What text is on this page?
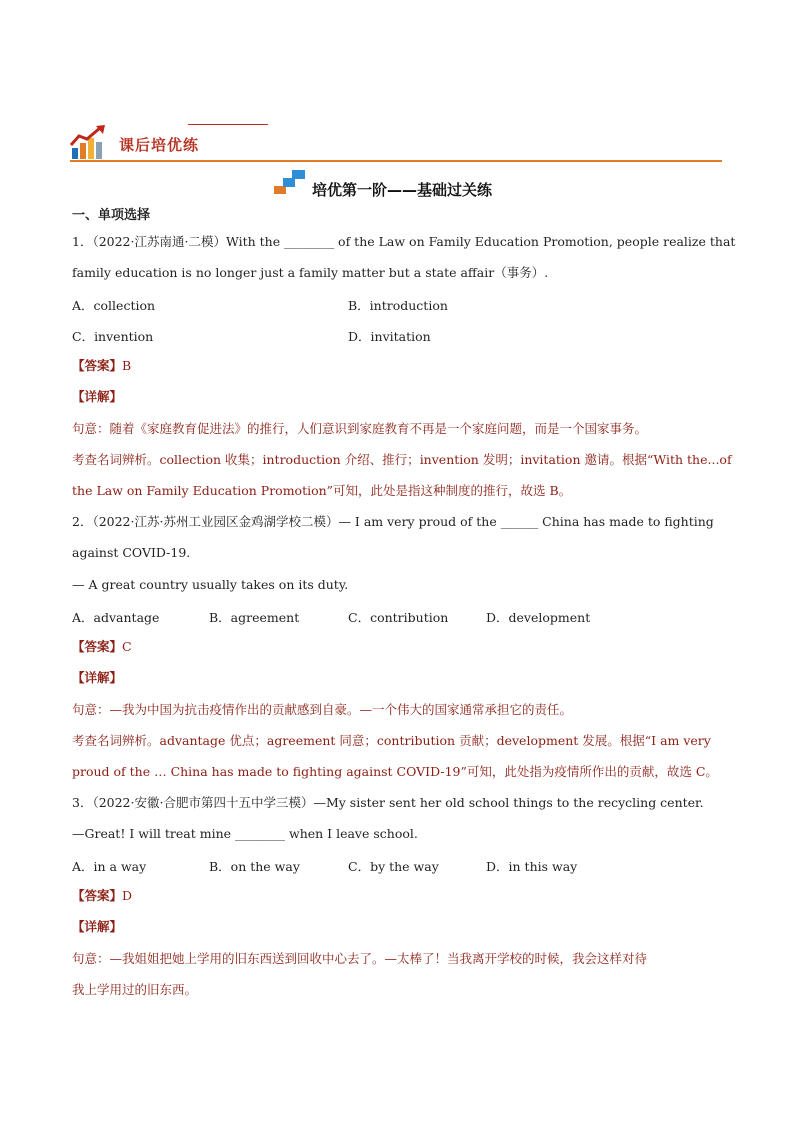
课后培优练
培优第一阶——基础过关练
一、单项选择
1．（2022·江苏南通·二模）With the ________ of the Law on Family Education Promotion, people realize that
family education is no longer just a family matter but a state affair（事务）.
A．collection	B．introduction
C．invention	D．invitation
【答案】B
【详解】
句意：随着《家庭教育促进法》的推行，人们意识到家庭教育不再是一个家庭问题，而是一个国家事务。
考查名词辨析。collection 收集；introduction 介绍、推行；invention 发明；invitation 邀请。根据“With the...of
the Law on Family Education Promotion”可知，此处是指这种制度的推行，故选 B。
2．（2022·江苏·苏州工业园区金鸡湖学校二模）— I am very proud of the ______ China has made to fighting
against COVID-19.
— A great country usually takes on its duty.
A．advantage	B．agreement	C．contribution	D．development
【答案】C
【详解】
句意：—我为中国为抗击疫情作出的贡献感到自豪。—一个伟大的国家通常承担它的责任。
考查名词辨析。advantage 优点；agreement 同意；contribution 贡献；development 发展。根据“I am very
proud of the … China has made to fighting against COVID-19”可知，此处指为疫情所作出的贡献，故选 C。
3．（2022·安徽·合肥市第四十五中学三模）—My sister sent her old school things to the recycling center.
—Great! I will treat mine ________ when I leave school.
A．in a way	B．on the way	C．by the way	D．in this way
【答案】D
【详解】
句意：—我姐姐把她上学用的旧东西送到回收中心去了。—太棒了！当我离开学校的时候，我会这样对待
我上学用过的旧东西。
